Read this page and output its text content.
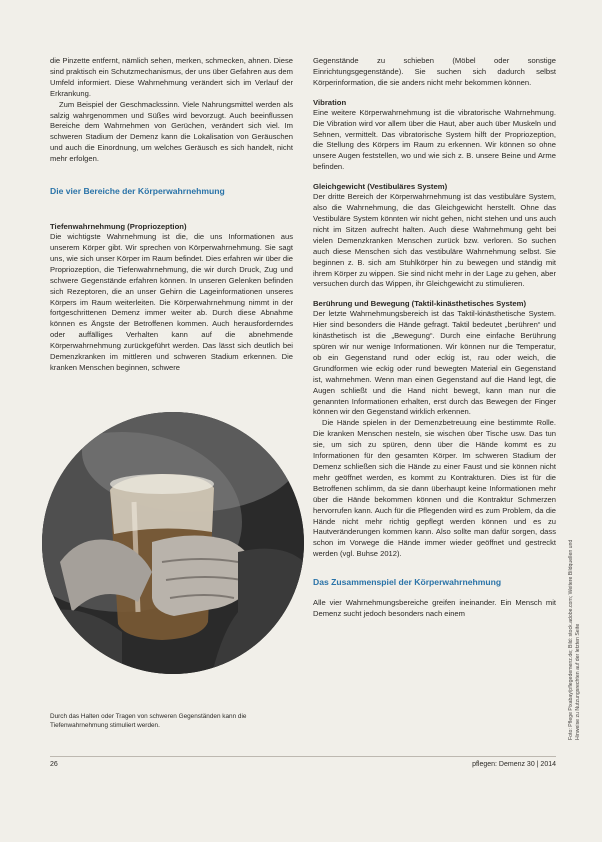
die Pinzette entfernt, nämlich sehen, merken, schmecken, ahnen. Diese sind praktisch ein Schutzmechanismus, der uns über Gefahren aus dem Umfeld informiert. Diese Wahrnehmung verändert sich im Verlauf der Erkrankung.

Zum Beispiel der Geschmackssinn. Viele Nahrungsmittel werden als salzig wahrgenommen und Süßes wird bevorzugt. Auch beeinflussen Bereiche dem Wahrnehmen von Gerüchen, verändert sich viel. Im schweren Stadium der Demenz kann die Lokalisation von Geräuschen und auch die Einordnung, um welches Geräusch es sich handelt, nicht mehr erfolgen.

Die vier Bereiche der Körperwahrnehmung

Tiefenwahrnehmung (Propriozeption)

Die wichtigste Wahrnehmung ist die, die uns Informationen aus unserem Körper gibt. Wir sprechen von Körperwahrnehmung. Sie sagt uns, wie sich unser Körper im Raum befindet. Dies erfahren wir über die Propriozeption, die Tiefenwahrnehmung, die wir durch Druck, Zug und schwere Gegenstände erfahren können. In unseren Gelenken befinden sich Rezeptoren, die an unser Gehirn die Lageinformationen unseres Körpers im Raum weiterleiten. Die Körperwahrnehmung nimmt in der fortgeschrittenen Demenz immer weiter ab. Durch diese Abnahme können es Ängste der Betroffenen kommen. Auch herausforderndes oder auffälliges Verhalten kann auf die abnehmende Körperwahrnehmung zurückgeführt werden. Das lässt sich deutlich bei Demenzkranken im mittleren und schweren Stadium erkennen. Die kranken Menschen beginnen, schwere

Gegenstände zu schieben (Möbel oder sonstige Einrichtungsgegenstände). Sie suchen sich dadurch selbst Körperinformation, die sie anders nicht mehr bekommen können.

Vibration

Eine weitere Körperwahrnehmung ist die vibratorische Wahrnehmung. Die Vibration wird vor allem über die Haut, aber auch über Muskeln und Sehnen, vermittelt. Das vibratorische System hilft der Propriozeption, die Stellung des Körpers im Raum zu erkennen. Wir können so ohne unsere Augen feststellen, wo und wie sich z. B. unsere Beine und Arme befinden.

Gleichgewicht (Vestibuläres System)

Der dritte Bereich der Körperwahrnehmung ist das vestibuläre System, also die Wahrnehmung, die das Gleichgewicht herstellt. Ohne das Vestibuläre System könnten wir nicht gehen, nicht stehen und uns auch nicht im Sitzen aufrecht halten. Auch diese Wahrnehmung geht bei vielen Demenzkranken Menschen zurück bzw. verloren. So suchen auch diese Menschen sich das vestibuläre Wahrnehmung selbst. Sie beginnen z. B. sich am Stuhlkörper hin zu bewegen und ständig mit ihrem Körper zu wippen. Sie sind nicht mehr in der Lage zu gehen, aber versuchen durch das Wippen, ihr Gleichgewicht zu stimulieren.

Berührung und Bewegung (Taktil-kinästhetisches System)

Der letzte Wahrnehmungsbereich ist das Taktil-kinästhetische System. Hier sind besonders die Hände gefragt. Taktil bedeutet „berühren“ und kinästhetisch ist die „Bewegung“. Durch eine einfache Berührung spüren wir nur wenige Informationen. Wir können nur die Temperatur, ob ein Gegenstand rund oder eckig ist, rau oder weich, die Grundformen wie eckig oder rund bewegten Material ein Gegenstand ist, wahrnehmen. Wenn man einen Gegenstand auf die Hand legt, die Augen schließt und die Hand nicht bewegt, kann man nur die genannten Informationen erhalten, erst durch das Bewegen der Finger können wir den Gegenstand wirklich erkennen.

Die Hände spielen in der Demenzbetreuung eine bestimmte Rolle. Die kranken Menschen nesteln, sie wischen über Tische usw. Das tun sie, um sich zu spüren, denn über die Hände kommt es zu Informationen für den gesamten Körper. Im schweren Stadium der Demenz schließen sich die Hände zu einer Faust und sie können nicht mehr geöffnet werden, es kommt zu Kontrakturen. Dies ist für die Betroffenen schlimm, da sie dann überhaupt keine Informationen mehr über die Hände bekommen können und die Kontraktur Schmerzen hervorrufen kann. Auch für die Pflegenden wird es zum Problem, da die Hände nicht mehr richtig gepflegt werden können und es zu Hautveränderungen kommen kann. Also sollte man dafür sorgen, dass schon im Vorwege die Hände immer wieder geöffnet und gestreckt werden (vgl. Buhse 2012).

Das Zusammenspiel der Körperwahrnehmung

Alle vier Wahrnehmungsbereiche greifen ineinander. Ein Mensch mit Demenz sucht jedoch besonders nach einem

Durch das Halten oder Tragen von schweren Gegenständen kann die Tiefenwahrnehmung stimuliert werden.	Foto: Pflege Pixabay/pflegedemenz.de; Bild: stock.adobe.com; Weitere Bildquellen und Hinweise zu Nutzungsrechten auf der letzten Seite
26	pflegen: Demenz 30 | 2014
